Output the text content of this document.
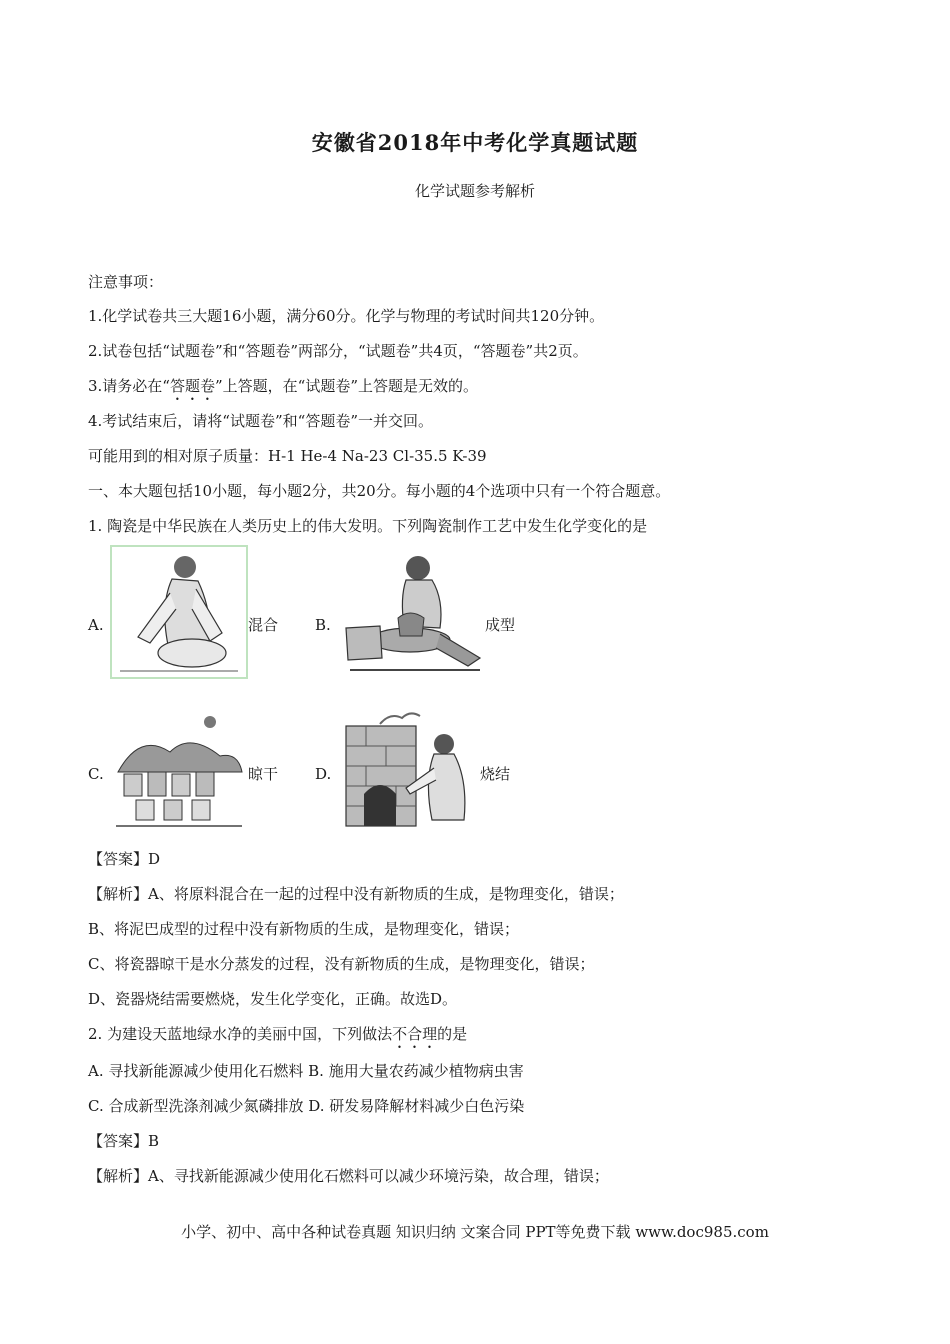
安徽省2018年中考化学真题试题
化学试题参考解析
注意事项：
1.化学试卷共三大题16小题，满分60分。化学与物理的考试时间共120分钟。
2.试卷包括“试题卷”和“答题卷”两部分，“试题卷”共4页，“答题卷”共2页。
3.请务必在“答题卷”上答题，在“试题卷”上答题是无效的。
4.考试结束后，请将“试题卷”和“答题卷”一并交回。
可能用到的相对原子质量：H-1 He-4 Na-23 Cl-35.5 K-39
一、本大题包括10小题，每小题2分，共20分。每小题的4个选项中只有一个符合题意。
1. 陶瓷是中华民族在人类历史上的伟大发明。下列陶瓷制作工艺中发生化学变化的是
A.	混合 B.	成型
C.	晾干 D.	烧结
【答案】D
【解析】A、将原料混合在一起的过程中没有新物质的生成，是物理变化，错误；
B、将泥巴成型的过程中没有新物质的生成，是物理变化，错误；
C、将瓷器晾干是水分蒸发的过程，没有新物质的生成，是物理变化，错误；
D、瓷器烧结需要燃烧，发生化学变化，正确。故选D。
2. 为建设天蓝地绿水净的美丽中国，下列做法不合理的是
A. 寻找新能源减少使用化石燃料 B. 施用大量农药减少植物病虫害
C. 合成新型洗涤剂减少氮磷排放 D. 研发易降解材料减少白色污染
【答案】B
【解析】A、寻找新能源减少使用化石燃料可以减少环境污染，故合理，错误；
小学、初中、高中各种试卷真题 知识归纳 文案合同 PPT等免费下载 www.doc985.com
